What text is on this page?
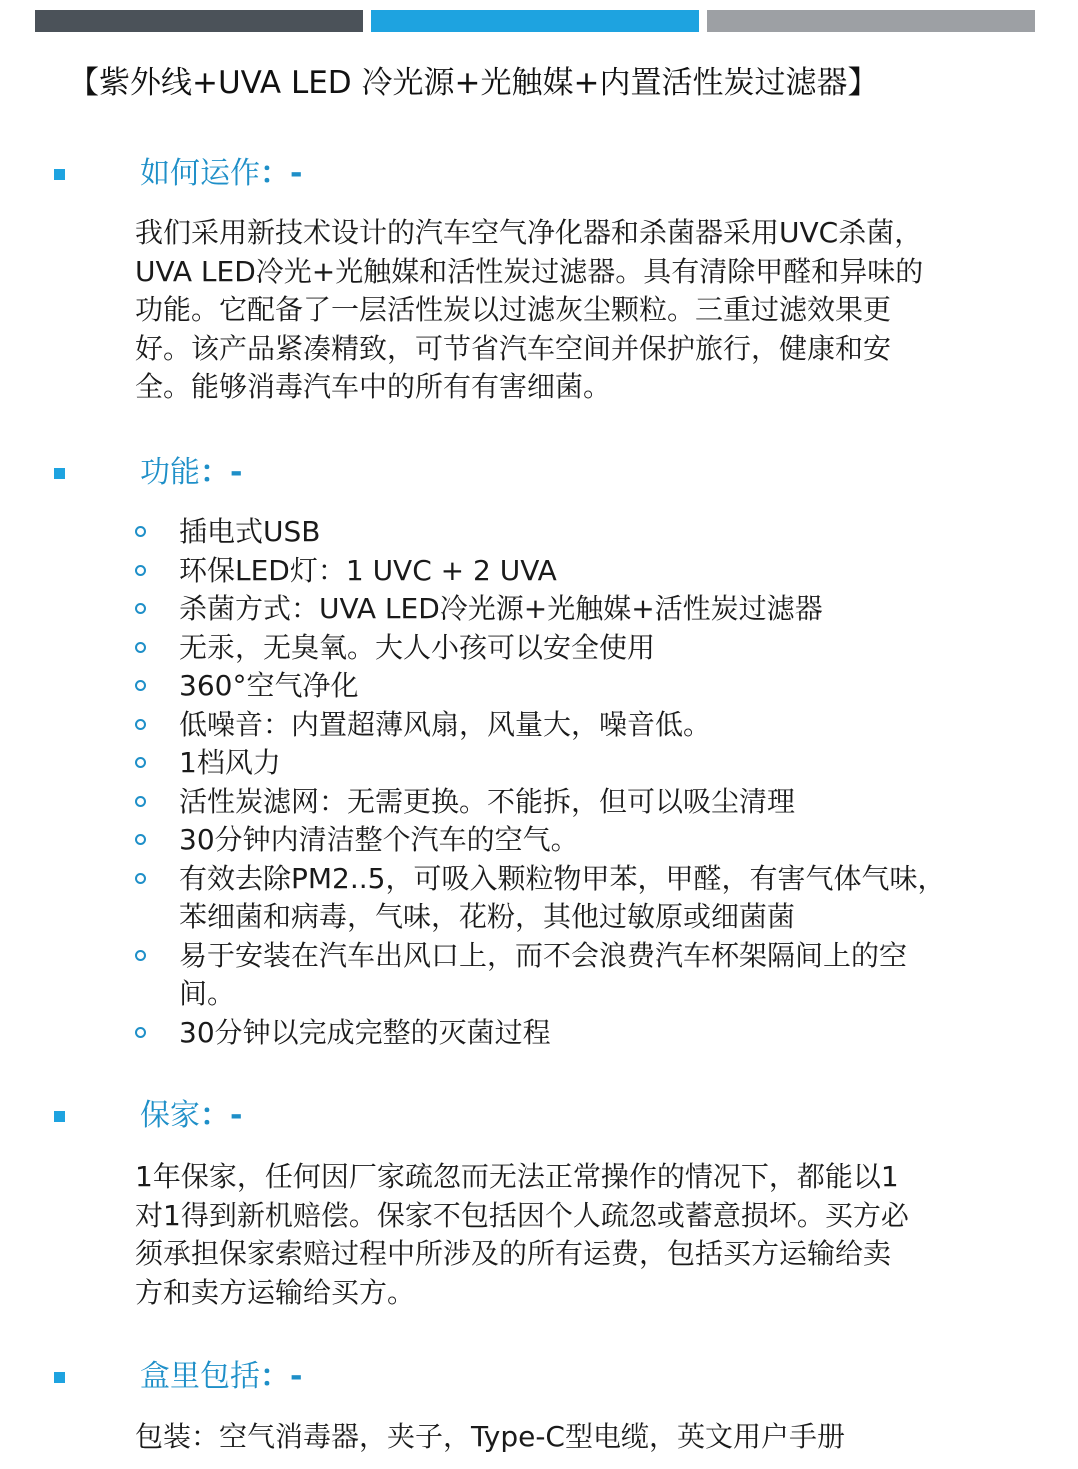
【紫外线+UVA LED 冷光源+光触媒+内置活性炭过滤器】
如何运作：-
我们采用新技术设计的汽车空气净化器和杀菌器采用UVC杀菌，
UVA LED冷光+光触媒和活性炭过滤器。具有清除甲醛和异味的
功能。它配备了一层活性炭以过滤灰尘颗粒。三重过滤效果更
好。该产品紧凑精致，可节省汽车空间并保护旅行，健康和安
全。能够消毒汽车中的所有有害细菌。
功能：-
插电式USB
环保LED灯：1 UVC + 2 UVA
杀菌方式：UVA LED冷光源+光触媒+活性炭过滤器
无汞，无臭氧。大人小孩可以安全使用
360°空气净化
低噪音：内置超薄风扇，风量大，噪音低。
1档风力
活性炭滤网：无需更换。不能拆，但可以吸尘清理
30分钟内清洁整个汽车的空气。
有效去除PM2..5，可吸入颗粒物甲苯，甲醛，有害气体气味，
苯细菌和病毒，气味，花粉，其他过敏原或细菌菌
易于安装在汽车出风口上，而不会浪费汽车杯架隔间上的空
间。
30分钟以完成完整的灭菌过程
保家：-
1年保家，任何因厂家疏忽而无法正常操作的情况下，都能以1
对1得到新机赔偿。保家不包括因个人疏忽或蓄意损坏。买方必
须承担保家索赔过程中所涉及的所有运费，包括买方运输给卖
方和卖方运输给买方。
盒里包括：-
包装：空气消毒器，夹子，Type-C型电缆，英文用户手册
